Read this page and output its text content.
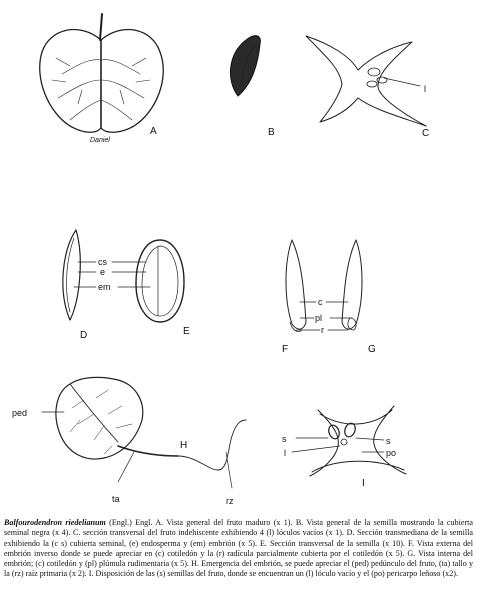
Daniel
A	B
l
C
D
cs
e
em
E
F	G
c
pl
r
ped
ta	rz
H
s
l
s
po
I
Balfourodendron riedelianum (Engl.) Engl. A. Vista general del fruto maduro (x 1). B. Vista general de la semilla mostrando la cubierta seminal negra (x 4). C. sección transversal del fruto indehiscente exhibiendo 4 (l) lóculos vacíos (x 1). D. Sección transmediana de la semilla exhibiendo la (c s) cubierta seminal, (e) endosperma y (em) embrión (x 5). E. Sección transversal de la semilla (x 10). F. Vista externa del embrión inverso donde se puede apreciar en (c) cotiledón y la (r) radícula parcialmente cubierta por el cotiledón (x 5). G. Vista interna del embrión; (c) cotiledón y (pl) plúmula rudimentaria (x 5). H. Emergencia del embrión, se puede apreciar el (ped) pedúnculo del fruto, (ta) tallo y la (rz) raíz primaria (x 2). I. Disposición de las (s) semillas del fruto, donde se encuentran un (l) lóculo vacío y el (po) pericarpo leñoso (x2).
